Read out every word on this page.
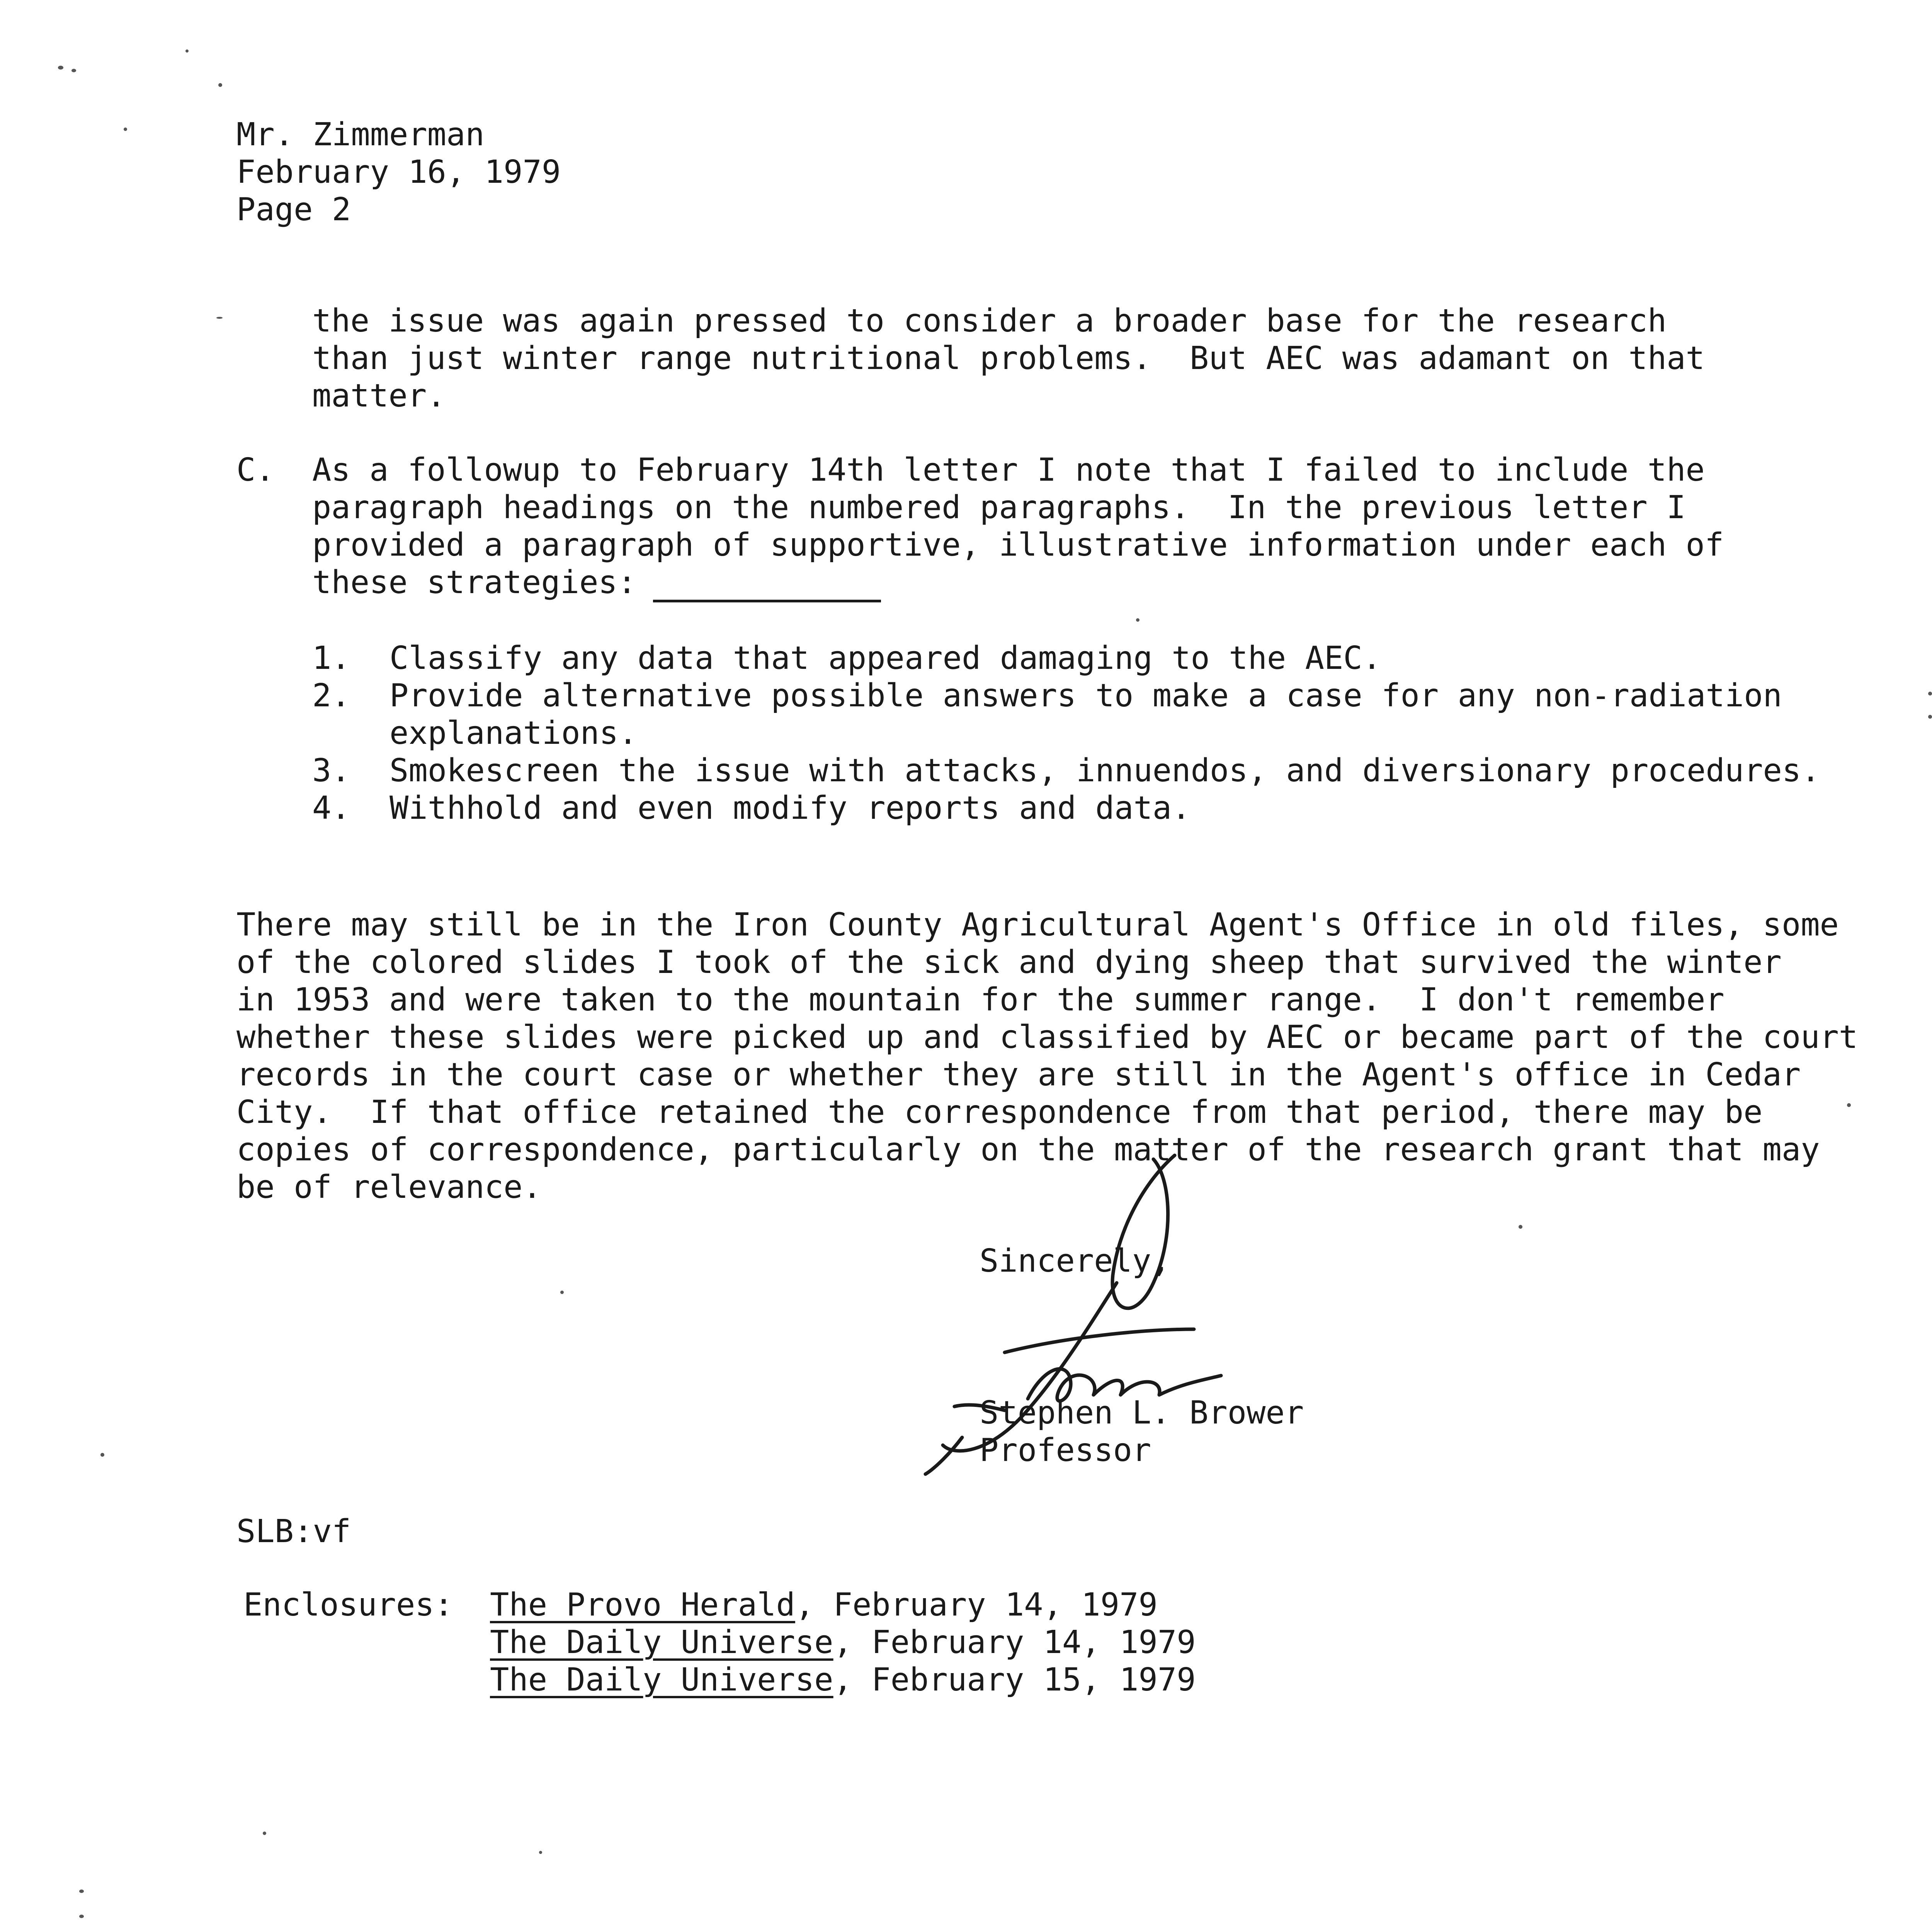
Mr. Zimmerman
February 16, 1979
Page 2
the issue was again pressed to consider a broader base for the research
than just winter range nutritional problems.  But AEC was adamant on that
matter.
C. As a followup to February 14th letter I note that I failed to include the
paragraph headings on the numbered paragraphs.  In the previous letter I
provided a paragraph of supportive, illustrative information under each of
these strategies:
1. Classify any data that appeared damaging to the AEC.
2. Provide alternative possible answers to make a case for any non-radiation
explanations.
3. Smokescreen the issue with attacks, innuendos, and diversionary procedures.
4. Withhold and even modify reports and data.
There may still be in the Iron County Agricultural Agent's Office in old files, some
of the colored slides I took of the sick and dying sheep that survived the winter
in 1953 and were taken to the mountain for the summer range.  I don't remember
whether these slides were picked up and classified by AEC or became part of the court
records in the court case or whether they are still in the Agent's office in Cedar
City.  If that office retained the correspondence from that period, there may be
copies of correspondence, particularly on the matter of the research grant that may
be of relevance.
Sincerely,
Stephen L. Brower
Professor
SLB:vf
Enclosures: The Provo Herald, February 14, 1979
The Daily Universe, February 14, 1979
The Daily Universe, February 15, 1979
